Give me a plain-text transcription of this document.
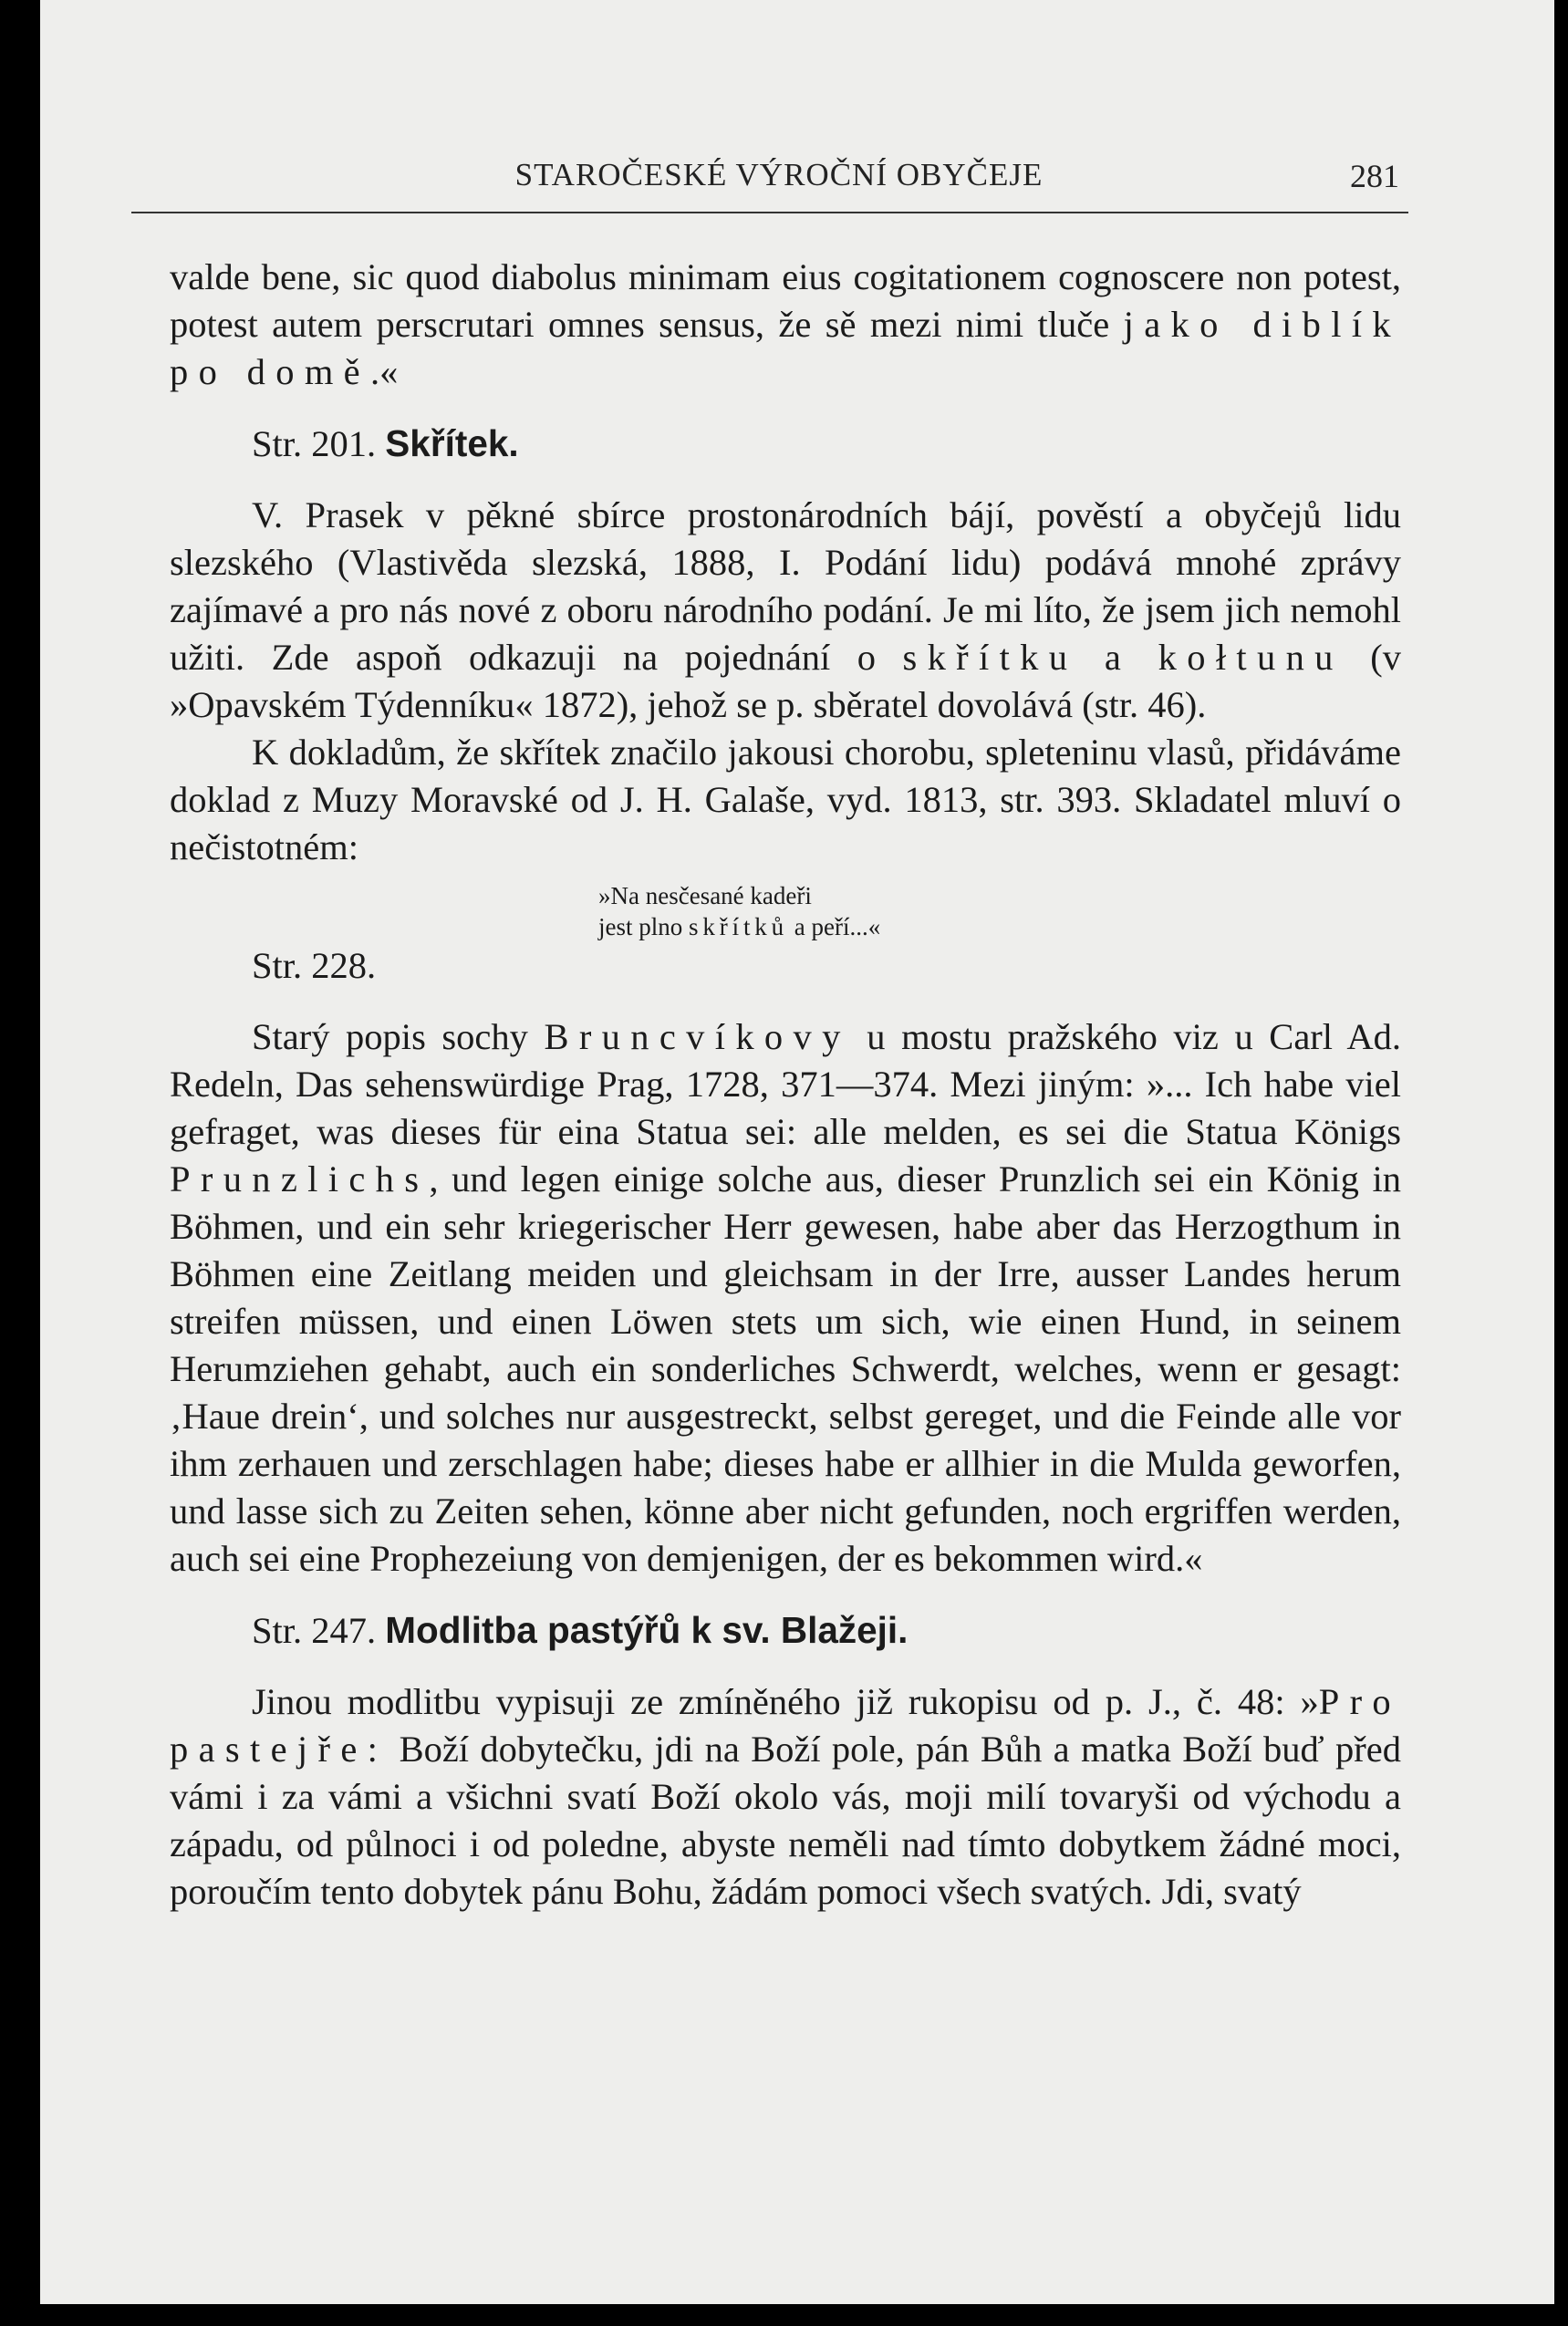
STAROČESKÉ VÝROČNÍ OBYČEJE	281

valde bene, sic quod diabolus minimam eius cogitationem cognoscere non potest, potest autem perscrutari omnes sensus, že sě mezi nimi tluče jako diblík po domě.«

Str. 201. Skřítek.

V. Prasek v pěkné sbírce prostonárodních bájí, pověstí a obyčejů lidu slezského (Vlastivěda slezská, 1888, I. Podání lidu) podává mnohé zprávy zajímavé a pro nás nové z oboru národního podání. Je mi líto, že jsem jich nemohl užiti. Zde aspoň odkazuji na pojednání o skřítku a kołtunu (v »Opavském Týdenníku« 1872), jehož se p. sběratel dovolává (str. 46).

K dokladům, že skřítek značilo jakousi chorobu, spleteninu vlasů, přidáváme doklad z Muzy Moravské od J. H. Galaše, vyd. 1813, str. 393. Skladatel mluví o nečistotném:

»Na nesčesané kadeři
jest plno skřítků a peří...«

Str. 228.

Starý popis sochy Bruncvíkovy u mostu pražského viz u Carl Ad. Redeln, Das sehenswürdige Prag, 1728, 371—374. Mezi jiným: »... Ich habe viel gefraget, was dieses für eina Statua sei: alle melden, es sei die Statua Königs Prunzlichs, und legen einige solche aus, dieser Prunzlich sei ein König in Böhmen, und ein sehr kriegerischer Herr gewesen, habe aber das Herzogthum in Böhmen eine Zeitlang meiden und gleichsam in der Irre, ausser Landes herum streifen müssen, und einen Löwen stets um sich, wie einen Hund, in seinem Herumziehen gehabt, auch ein sonderliches Schwerdt, welches, wenn er gesagt: ‚Haue drein‘, und solches nur ausgestreckt, selbst gereget, und die Feinde alle vor ihm zerhauen und zerschlagen habe; dieses habe er allhier in die Mulda geworfen, und lasse sich zu Zeiten sehen, könne aber nicht gefunden, noch ergriffen werden, auch sei eine Prophezeiung von demjenigen, der es bekommen wird.«

Str. 247. Modlitba pastýřů k sv. Blažeji.

Jinou modlitbu vypisuji ze zmíněného již rukopisu od p. J., č. 48: »Pro pastejře: Boží dobytečku, jdi na Boží pole, pán Bůh a matka Boží buď před vámi i za vámi a všichni svatí Boží okolo vás, moji milí tovaryši od východu a západu, od půlnoci i od poledne, abyste neměli nad tímto dobytkem žádné moci, poroučím tento dobytek pánu Bohu, žádám pomoci všech svatých. Jdi, svatý
